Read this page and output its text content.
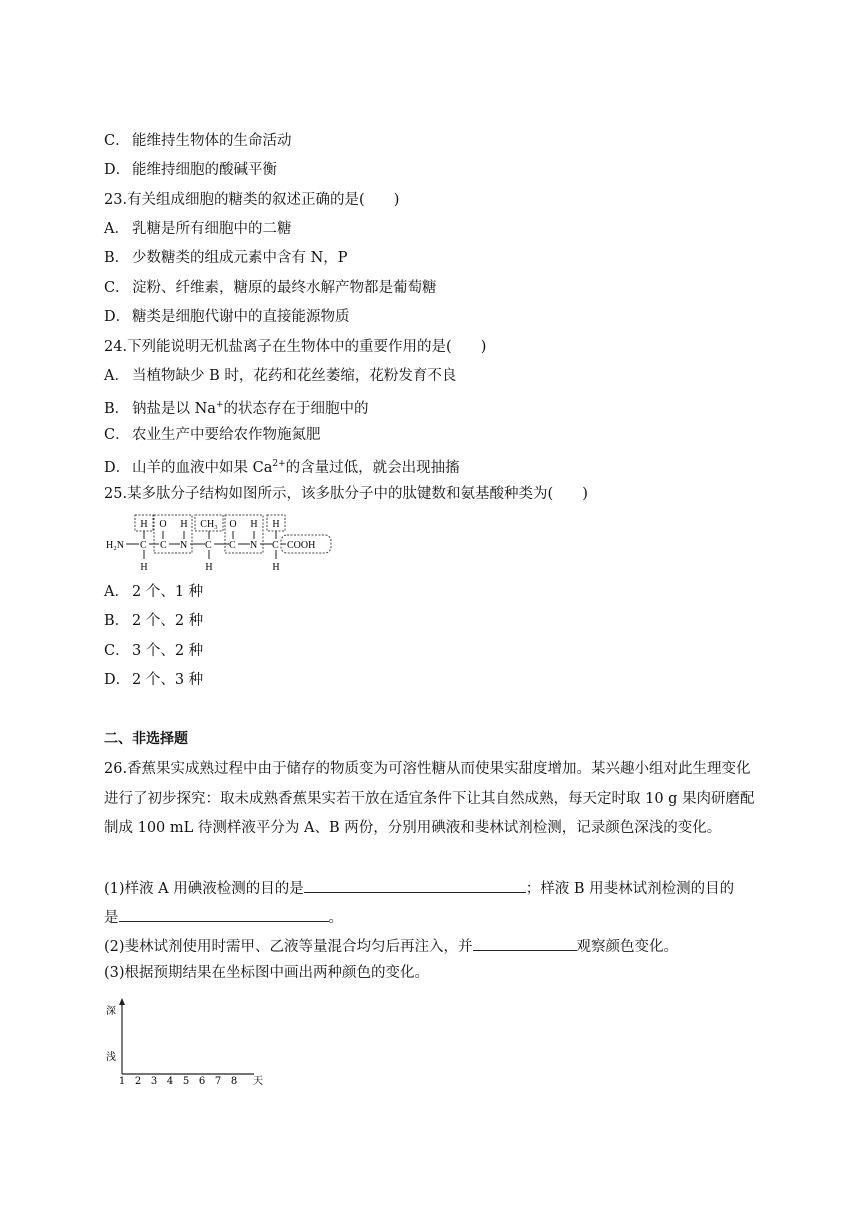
C． 能维持生物体的生命活动
D． 能维持细胞的酸碱平衡
23.有关组成细胞的糖类的叙述正确的是(　　)
A． 乳糖是所有细胞中的二糖
B． 少数糖类的组成元素中含有 N，P
C． 淀粉、纤维素，糖原的最终水解产物都是葡萄糖
D． 糖类是细胞代谢中的直接能源物质
24.下列能说明无机盐离子在生物体中的重要作用的是(　　)
A． 当植物缺少 B 时，花药和花丝萎缩，花粉发育不良
B． 钠盐是以 Na+的状态存在于细胞中的
C． 农业生产中要给农作物施氮肥
D． 山羊的血液中如果 $Ca^{2+}$的含量过低，就会出现抽搐
25.某多肽分子结构如图所示，该多肽分子中的肽键数和氨基酸种类为(　　)
H O H CH₃ O H H
H₂N C C N C C N C COOH
H	H	H
A． 2 个、1 种
B． 2 个、2 种
C． 3 个、2 种
D． 2 个、3 种
二、非选择题
26.香蕉果实成熟过程中由于储存的物质变为可溶性糖从而使果实甜度增加。某兴趣小组对此生理变化进行了初步探究：取未成熟香蕉果实若干放在适宜条件下让其自然成熟，每天定时取 10 g 果肉研磨配制成 100 mL 待测样液平分为 A、B 两份，分别用碘液和斐林试剂检测，记录颜色深浅的变化。
(1)样液 A 用碘液检测的目的是	；样液 B 用斐林试剂检测的目的
是	。
(2)斐林试剂使用时需甲、乙液等量混合均匀后再注入，并	观察颜色变化。
(3)根据预期结果在坐标图中画出两种颜色的变化。
深
浅
1 2 3 4 5 6 7 8 天
